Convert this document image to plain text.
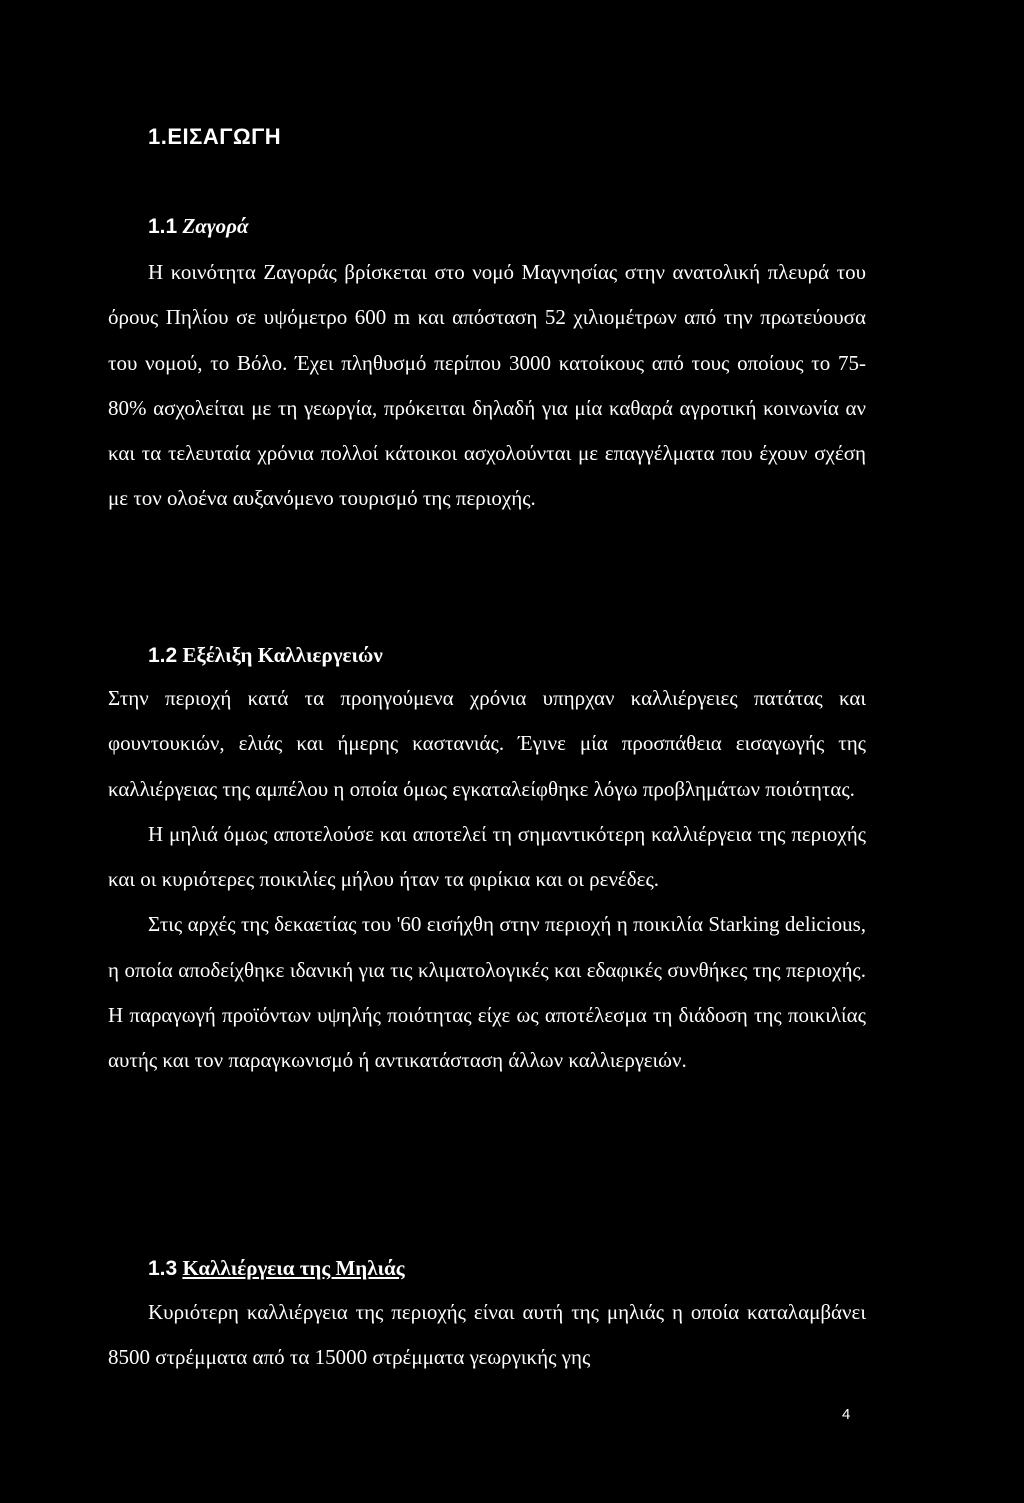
1.ΕΙΣΑΓΩΓΗ
1.1 Ζαγορά

Η κοινότητα Ζαγοράς βρίσκεται στο νομό Μαγνησίας στην ανατολική πλευρά του όρους Πηλίου σε υψόμετρο 600 m και απόσταση 52 χιλιομέτρων από την πρωτεύουσα του νομού, το Βόλο. Έχει πληθυσμό περίπου 3000 κατοίκους από τους οποίους το 75-80% ασχολείται με τη γεωργία, πρόκειται δηλαδή για μία καθαρά αγροτική κοινωνία αν και τα τελευταία χρόνια πολλοί κάτοικοι ασχολούνται με επαγγέλματα που έχουν σχέση με τον ολοένα αυξανόμενο τουρισμό της περιοχής.

1.2 Εξέλιξη Καλλιεργειών

Στην περιοχή κατά τα προηγούμενα χρόνια υπηρχαν καλλιέργειες πατάτας και φουντουκιών, ελιάς και ήμερης καστανιάς. Έγινε μία προσπάθεια εισαγωγής της καλλιέργειας της αμπέλου η οποία όμως εγκαταλείφθηκε λόγω προβλημάτων ποιότητας.

Η μηλιά όμως αποτελούσε και αποτελεί τη σημαντικότερη καλλιέργεια της περιοχής και οι κυριότερες ποικιλίες μήλου ήταν τα φιρίκια και οι ρενέδες.

Στις αρχές της δεκαετίας του '60 εισήχθη στην περιοχή η ποικιλία Starking delicious, η οποία αποδείχθηκε ιδανική για τις κλιματολογικές και εδαφικές συνθήκες της περιοχής. Η παραγωγή προϊόντων υψηλής ποιότητας είχε ως αποτέλεσμα τη διάδοση της ποικιλίας αυτής και τον παραγκωνισμό ή αντικατάσταση άλλων καλλιεργειών.

1.3 Καλλιέργεια της Μηλιάς

Κυριότερη καλλιέργεια της περιοχής είναι αυτή της μηλιάς η οποία καταλαμβάνει 8500 στρέμματα από τα 15000 στρέμματα γεωργικής γης

4
